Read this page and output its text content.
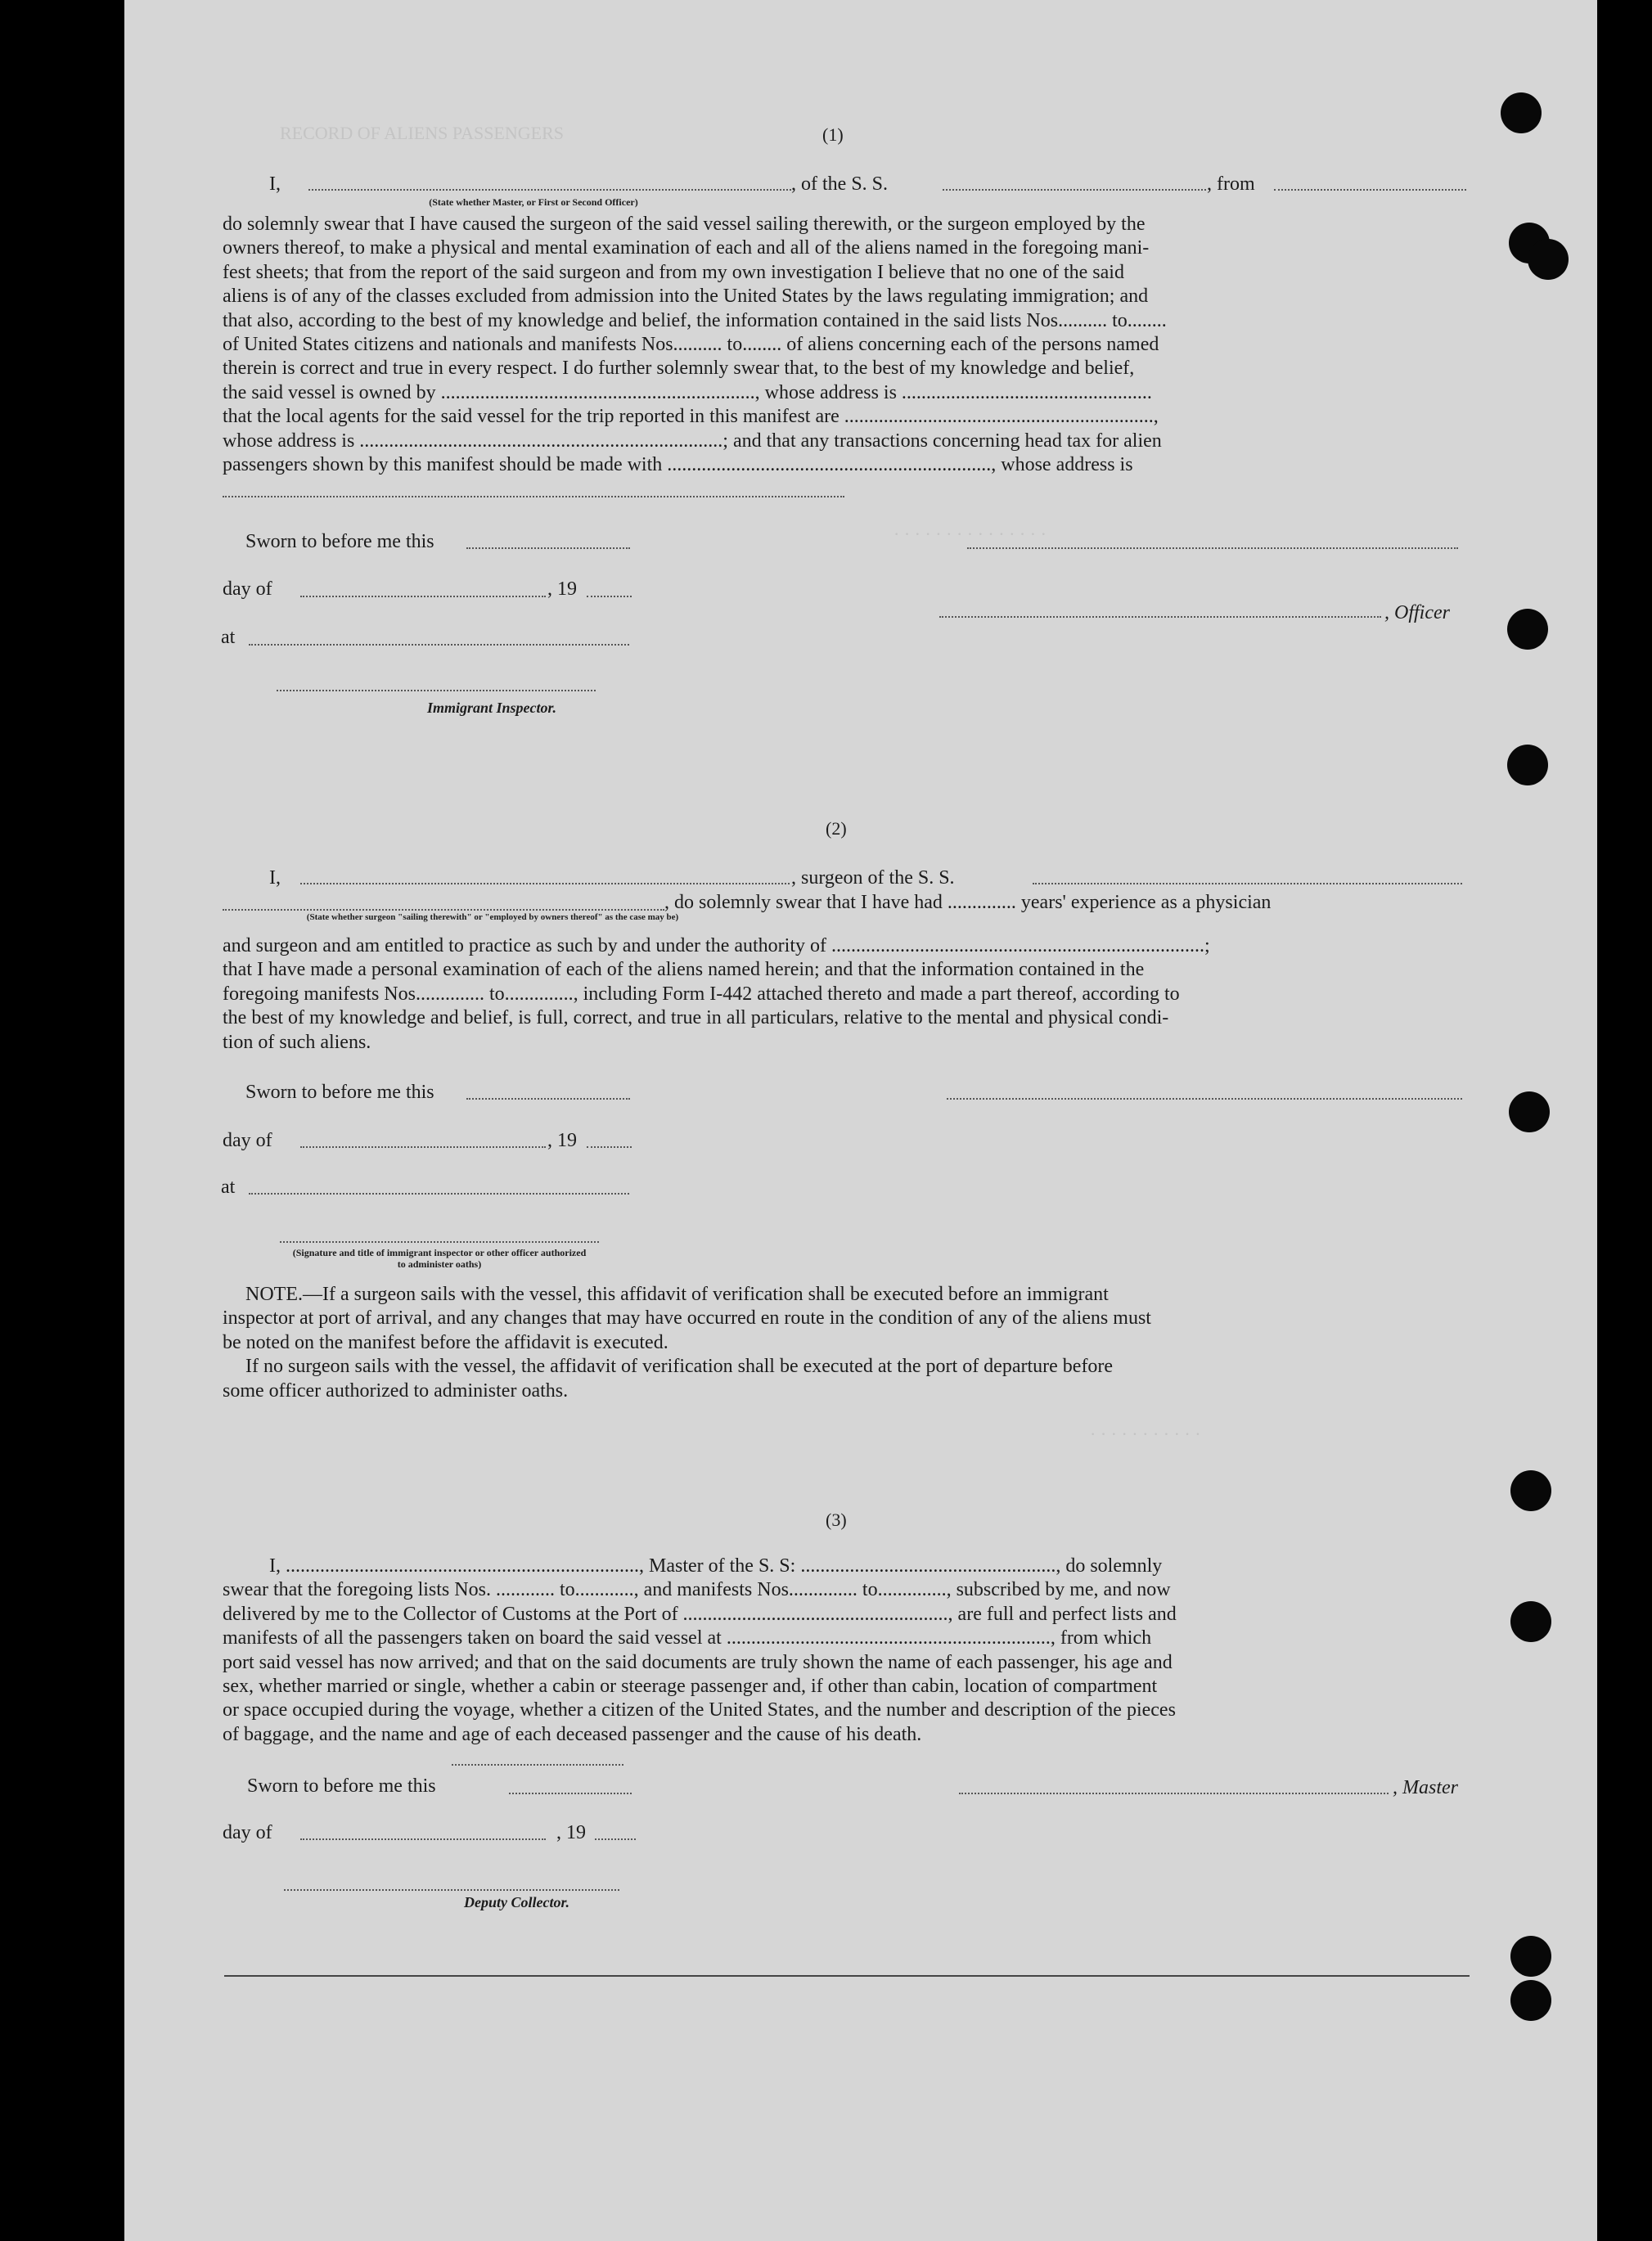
RECORD OF ALIENS PASSENGERS
· · · · · · · · · · · · · · ·
· · · · · · · · · · ·
(1)
I,
(State whether Master, or First or Second Officer)
, of the S. S.	, from
do solemnly swear that I have caused the surgeon of the said vessel sailing therewith, or the surgeon employed by the
owners thereof, to make a physical and mental examination of each and all of the aliens named in the foregoing mani-
fest sheets; that from the report of the said surgeon and from my own investigation I believe that no one of the said
aliens is of any of the classes excluded from admission into the United States by the laws regulating immigration; and
that also, according to the best of my knowledge and belief, the information contained in the said lists Nos.......... to........
of United States citizens and nationals and manifests Nos.......... to........ of aliens concerning each of the persons named
therein is correct and true in every respect. I do further solemnly swear that, to the best of my knowledge and belief,
the said vessel is owned by ................................................................, whose address is ...................................................
that the local agents for the said vessel for the trip reported in this manifest are ...............................................................,
whose address is ..........................................................................; and that any transactions concerning head tax for alien
passengers shown by this manifest should be made with .................................................................., whose address is
Sworn to before me this
day of	, 19
, Officer
at
Immigrant Inspector.
(2)
I,	, surgeon of the S. S.
, do solemnly swear that I have had .............. years' experience as a physician
(State whether surgeon "sailing therewith" or "employed by owners thereof" as the case may be)
and surgeon and am entitled to practice as such by and under the authority of ............................................................................;
that I have made a personal examination of each of the aliens named herein; and that the information contained in the
foregoing manifests Nos.............. to.............., including Form I-442 attached thereto and made a part thereof, according to
the best of my knowledge and belief, is full, correct, and true in all particulars, relative to the mental and physical condi-
tion of such aliens.
Sworn to before me this
day of	, 19
at
(Signature and title of immigrant inspector or other officer authorized to administer oaths)
NOTE.—If a surgeon sails with the vessel, this affidavit of verification shall be executed before an immigrant
inspector at port of arrival, and any changes that may have occurred en route in the condition of any of the aliens must
be noted on the manifest before the affidavit is executed.
If no surgeon sails with the vessel, the affidavit of verification shall be executed at the port of departure before
some officer authorized to administer oaths.
(3)
I, ........................................................................, Master of the S. S: ...................................................., do solemnly
swear that the foregoing lists Nos. ............ to............, and manifests Nos.............. to.............., subscribed by me, and now
delivered by me to the Collector of Customs at the Port of ......................................................, are full and perfect lists and
manifests of all the passengers taken on board the said vessel at .................................................................., from which
port said vessel has now arrived; and that on the said documents are truly shown the name of each passenger, his age and
sex, whether married or single, whether a cabin or steerage passenger and, if other than cabin, location of compartment
or space occupied during the voyage, whether a citizen of the United States, and the number and description of the pieces
of baggage, and the name and age of each deceased passenger and the cause of his death.
Sworn to before me this	, Master
day of	, 19
Deputy Collector.
